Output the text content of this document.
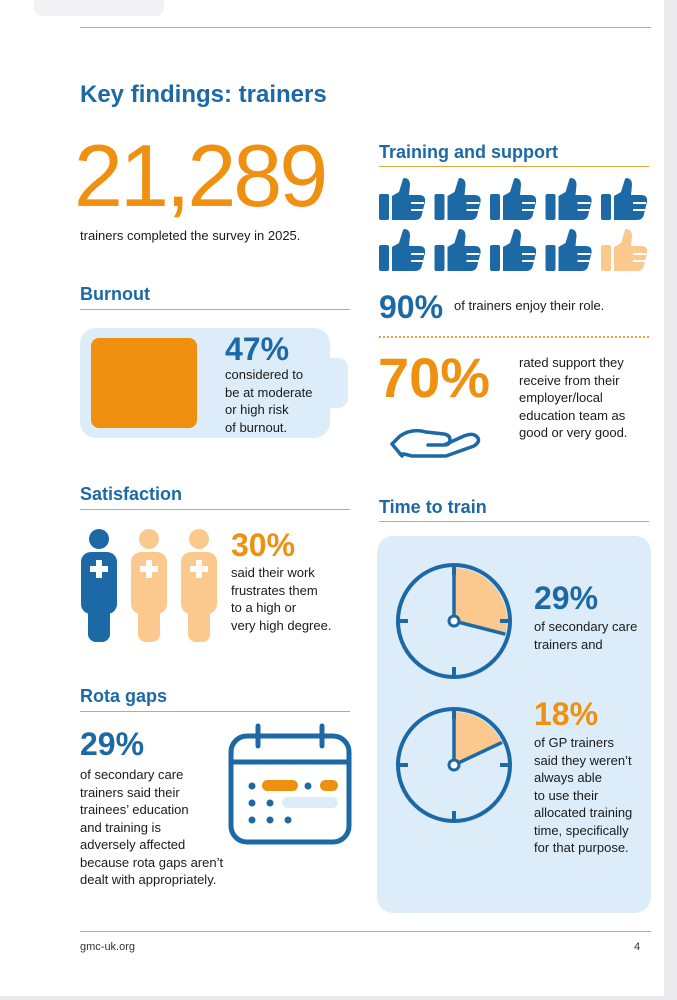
Key findings: trainers
21,289
trainers completed the survey in 2025.
Burnout
47%
considered to
be at moderate
or high risk
of burnout.
Satisfaction
30%
said their work
frustrates them
to a high or
very high degree.
Rota gaps
29%
of secondary care
trainers said their
trainees’ education
and training is
adversely affected
because rota gaps aren’t
dealt with appropriately.
Training and support
90% of trainers enjoy their role.
70% rated support they
receive from their
employer/local
education team as
good or very good.
Time to train
29%
of secondary care
trainers and
18%
of GP trainers
said they weren’t
always able
to use their
allocated training
time, specifically
for that purpose.
gmc-uk.org	4
